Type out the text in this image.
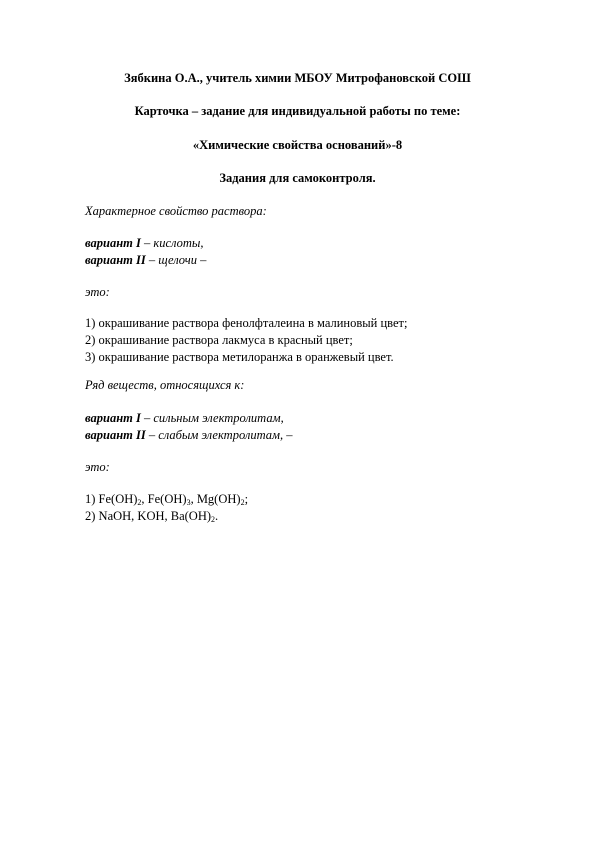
Зябкина О.А., учитель химии МБОУ Митрофановской СОШ
Карточка – задание для индивидуальной работы по теме:
«Химические свойства оснований»-8
Задания для самоконтроля.
Характерное свойство раствора:
вариант I – кислоты,
вариант II – щелочи –
это:
1) окрашивание раствора фенолфталеина в малиновый цвет;
2) окрашивание раствора лакмуса в красный цвет;
3) окрашивание раствора метилоранжа в оранжевый цвет.
Ряд веществ, относящихся к:
вариант I – сильным электролитам,
вариант II – слабым электролитам, –
это:
1) $Fe(OH)_2$, $Fe(OH)_3$, $Mg(OH)_2$;
2) NaOH, KOH, $Ba(OH)_2$.
